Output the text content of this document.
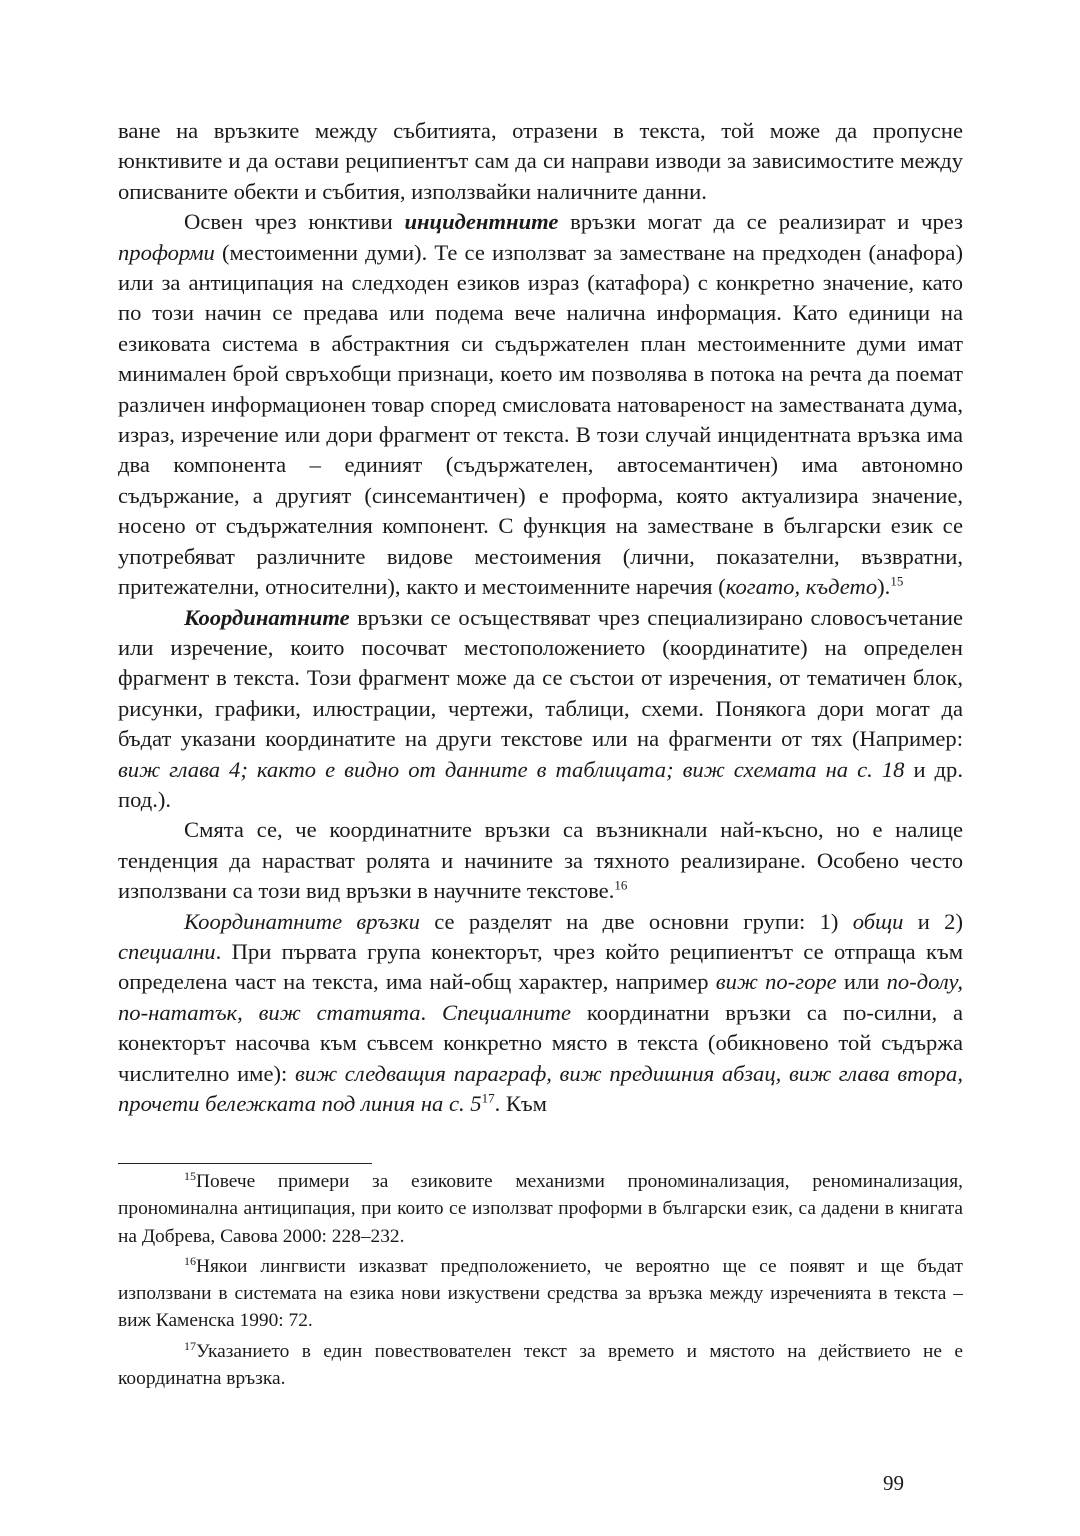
ване на връзките между събитията, отразени в текста, той може да пропусне юнктивите и да остави реципиентът сам да си направи изводи за зависимостите между описваните обекти и събития, използвайки наличните данни.

Освен чрез юнктиви инцидентните връзки могат да се реализират и чрез проформи (местоименни думи). Те се използват за заместване на предходен (анафора) или за антиципация на следходен езиков израз (катафора) с конкретно значение, като по този начин се предава или подема вече налична информация. Като единици на езиковата система в абстрактния си съдържателен план местоименните думи имат минимален брой свръхобщи признаци, което им позволява в потока на речта да поемат различен информационен товар според смисловата натовареност на заместваната дума, израз, изречение или дори фрагмент от текста. В този случай инцидентната връзка има два компонента – единият (съдържателен, автосемантичен) има автономно съдържание, а другият (синсемантичен) е проформа, която актуализира значение, носено от съдържателния компонент. С функция на заместване в български език се употребяват различните видове местоимения (лични, показателни, възвратни, притежателни, относителни), както и местоименните наречия (когато, където).$^{15}$

Координатните връзки се осъществяват чрез специализирано словосъчетание или изречение, които посочват местоположението (координатите) на определен фрагмент в текста. Този фрагмент може да се състои от изречения, от тематичен блок, рисунки, графики, илюстрации, чертежи, таблици, схеми. Понякога дори могат да бъдат указани координатите на други текстове или на фрагменти от тях (Например: виж глава 4; както е видно от данните в таблицата; виж схемата на с. 18 и др. под.).

Смята се, че координатните връзки са възникнали най-късно, но е налице тенденция да нарастват ролята и начините за тяхното реализиране. Особено често използвани са този вид връзки в научните текстове.$^{16}$

Координатните връзки се разделят на две основни групи: 1) общи и 2) специални. При първата група конекторът, чрез който реципиентът се отпраща към определена част на текста, има най-общ характер, например виж по-горе или по-долу, по-нататък, виж статията. Специалните координатни връзки са по-силни, а конекторът насочва към съвсем конкретно място в текста (обикновено той съдържа числително име): виж следващия параграф, виж предишния абзац, виж глава втора, прочети бележката под линия на с. $5^{17}$. Към

$^{15}$Повече примери за езиковите механизми прономинализация, реноминализация, прономинална антиципация, при които се използват проформи в български език, са дадени в книгата на Добрева, Савова 2000: 228–232.

$^{16}$Някои лингвисти изказват предположението, че вероятно ще се появят и ще бъдат използвани в системата на езика нови изкуствени средства за връзка между изреченията в текста – виж Каменска 1990: 72.

$^{17}$Указанието в един повествователен текст за времето и мястото на действието не е координатна връзка.

99
